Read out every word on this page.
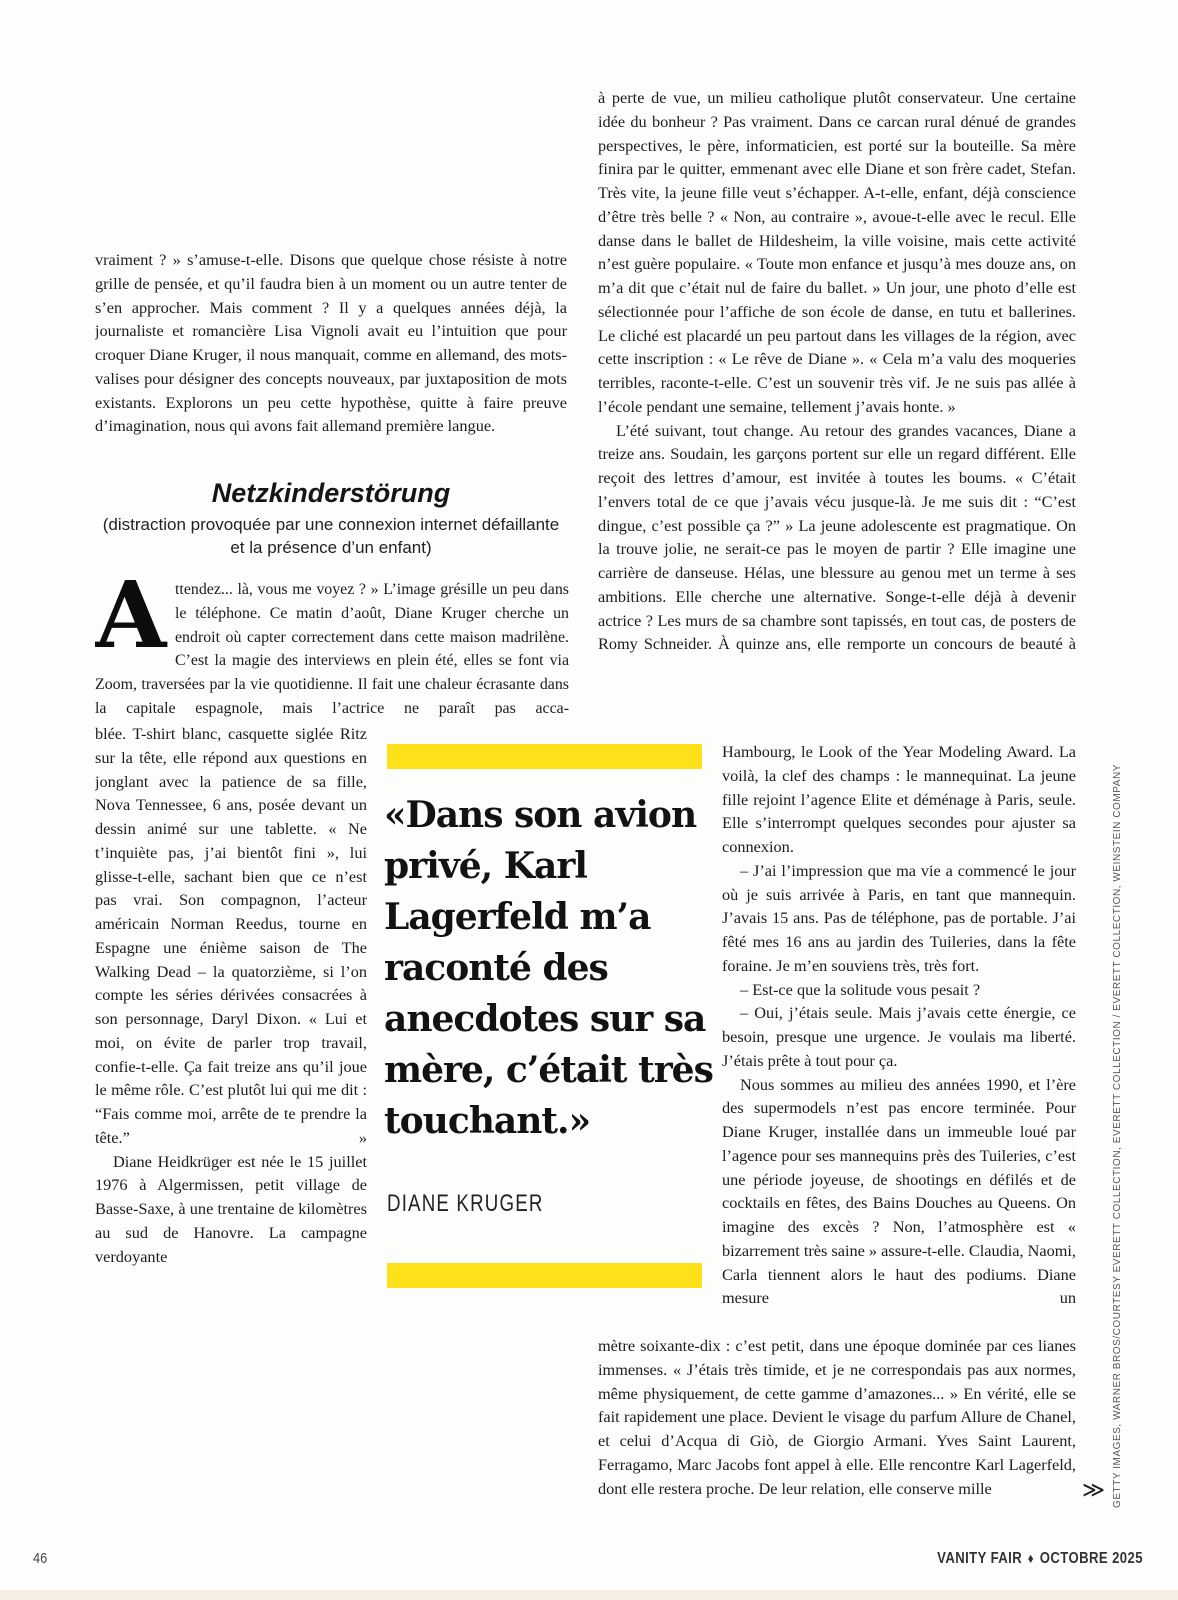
vraiment ? » s’amuse-t-elle. Disons que quelque chose résiste à notre grille de pensée, et qu’il faudra bien à un moment ou un autre tenter de s’en approcher. Mais comment ? Il y a quelques années déjà, la journaliste et romancière Lisa Vignoli avait eu l’intuition que pour croquer Diane Kruger, il nous manquait, comme en allemand, des mots-valises pour désigner des concepts nouveaux, par juxtaposition de mots existants. Explorons un peu cette hypothèse, quitte à faire preuve d’imagination, nous qui avons fait allemand première langue.

Netzkinderstörung
(distraction provoquée par une connexion internet défaillante et la présence d’un enfant)

Attendez... là, vous me voyez ? » L’image grésille un peu dans le téléphone. Ce matin d’août, Diane Kruger cherche un endroit où capter correctement dans cette maison madrilène. C’est la magie des interviews en plein été, elles se font via Zoom, traversées par la vie quotidienne. Il fait une chaleur écrasante dans la capitale espagnole, mais l’actrice ne paraît pas acca-

blée. T-shirt blanc, casquette siglée Ritz sur la tête, elle répond aux questions en jonglant avec la patience de sa fille, Nova Tennessee, 6 ans, posée devant un dessin animé sur une tablette. « Ne t’inquiète pas, j’ai bientôt fini », lui glisse-t-elle, sachant bien que ce n’est pas vrai. Son compagnon, l’acteur américain Norman Reedus, tourne en Espagne une énième saison de The Walking Dead – la quatorzième, si l’on compte les séries dérivées consacrées à son personnage, Daryl Dixon. « Lui et moi, on évite de parler trop travail, confie-t-elle. Ça fait treize ans qu’il joue le même rôle. C’est plutôt lui qui me dit : “Fais comme moi, arrête de te prendre la tête.” »

Diane Heidkrüger est née le 15 juillet 1976 à Algermissen, petit village de Basse-Saxe, à une trentaine de kilomètres au sud de Hanovre. La campagne verdoyante

«Dans son avion privé, Karl Lagerfeld m’a raconté des anecdotes sur sa mère, c’était très touchant.»
DIANE KRUGER

à perte de vue, un milieu catholique plutôt conservateur. Une certaine idée du bonheur ? Pas vraiment. Dans ce carcan rural dénué de grandes perspectives, le père, informaticien, est porté sur la bouteille. Sa mère finira par le quitter, emmenant avec elle Diane et son frère cadet, Stefan. Très vite, la jeune fille veut s’échapper. A-t-elle, enfant, déjà conscience d’être très belle ? « Non, au contraire », avoue-t-elle avec le recul. Elle danse dans le ballet de Hildesheim, la ville voisine, mais cette activité n’est guère populaire. « Toute mon enfance et jusqu’à mes douze ans, on m’a dit que c’était nul de faire du ballet. » Un jour, une photo d’elle est sélectionnée pour l’affiche de son école de danse, en tutu et ballerines. Le cliché est placardé un peu partout dans les villages de la région, avec cette inscription : « Le rêve de Diane ». « Cela m’a valu des moqueries terribles, raconte-t-elle. C’est un souvenir très vif. Je ne suis pas allée à l’école pendant une semaine, tellement j’avais honte. »

L’été suivant, tout change. Au retour des grandes vacances, Diane a treize ans. Soudain, les garçons portent sur elle un regard différent. Elle reçoit des lettres d’amour, est invitée à toutes les boums. « C’était l’envers total de ce que j’avais vécu jusque-là. Je me suis dit : “C’est dingue, c’est possible ça ?” » La jeune adolescente est pragmatique. On la trouve jolie, ne serait-ce pas le moyen de partir ? Elle imagine une carrière de danseuse. Hélas, une blessure au genou met un terme à ses ambitions. Elle cherche une alternative. Songe-t-elle déjà à devenir actrice ? Les murs de sa chambre sont tapissés, en tout cas, de posters de Romy Schneider. À quinze ans, elle remporte un concours de beauté à

Hambourg, le Look of the Year Modeling Award. La voilà, la clef des champs : le mannequinat. La jeune fille rejoint l’agence Elite et déménage à Paris, seule. Elle s’interrompt quelques secondes pour ajuster sa connexion.

– J’ai l’impression que ma vie a commencé le jour où je suis arrivée à Paris, en tant que mannequin. J’avais 15 ans. Pas de téléphone, pas de portable. J’ai fêté mes 16 ans au jardin des Tuileries, dans la fête foraine. Je m’en souviens très, très fort.

– Est-ce que la solitude vous pesait ?

– Oui, j’étais seule. Mais j’avais cette énergie, ce besoin, presque une urgence. Je voulais ma liberté. J’étais prête à tout pour ça.

Nous sommes au milieu des années 1990, et l’ère des supermodels n’est pas encore terminée. Pour Diane Kruger, installée dans un immeuble loué par l’agence pour ses mannequins près des Tuileries, c’est une période joyeuse, de shootings en défilés et de cocktails en fêtes, des Bains Douches au Queens. On imagine des excès ? Non, l’atmosphère est « bizarrement très saine » assure-t-elle. Claudia, Naomi, Carla tiennent alors le haut des podiums. Diane mesure un

mètre soixante-dix : c’est petit, dans une époque dominée par ces lianes immenses. « J’étais très timide, et je ne correspondais pas aux normes, même physiquement, de cette gamme d’amazones... » En vérité, elle se fait rapidement une place. Devient le visage du parfum Allure de Chanel, et celui d’Acqua di Giò, de Giorgio Armani. Yves Saint Laurent, Ferragamo, Marc Jacobs font appel à elle. Elle rencontre Karl Lagerfeld, dont elle restera proche. De leur relation, elle conserve mille	≫ GETTY IMAGES, WARNER BROS/COURTESY EVERETT COLLECTION, EVERETT COLLECTION / EVERETT COLLECTION, WEINSTEIN COMPANY
46	VANITY FAIR ♦ OCTOBRE 2025
